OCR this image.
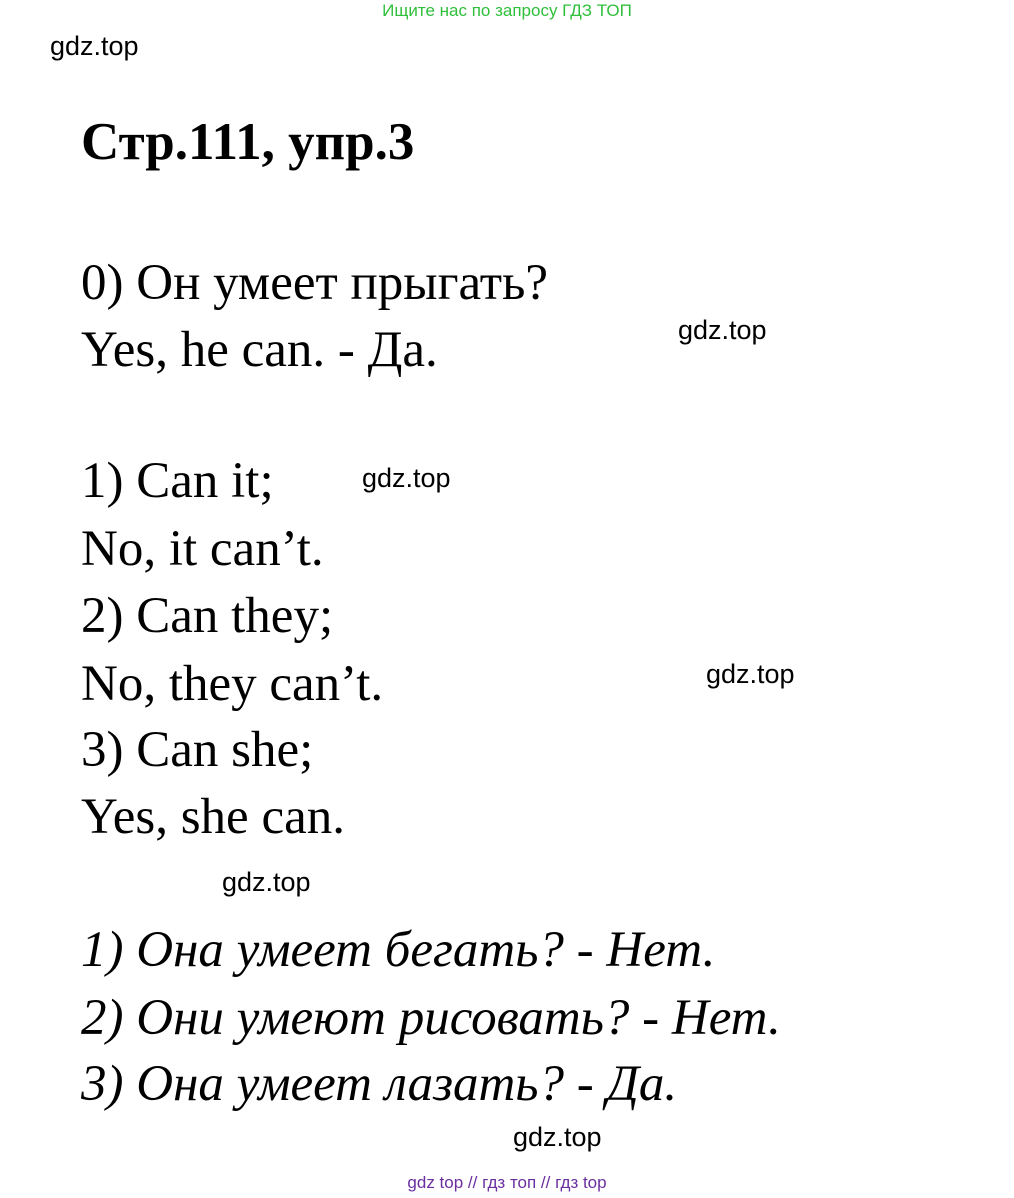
Ищите нас по запросу ГДЗ ТОП
gdz.top
Стр.111, упр.3
0) Он умеет прыгать?
Yes, he can. - Да.	gdz.top
1) Can it;	gdz.top
No, it can’t.
2) Can they;
No, they can’t.	gdz.top
3) Can she;
Yes, she can.
gdz.top
1) Она умеет бегать? - Нет.
2) Они умеют рисовать? - Нет.
3) Она умеет лазать? - Да.
gdz.top
gdz top // гдз топ // гдз top
